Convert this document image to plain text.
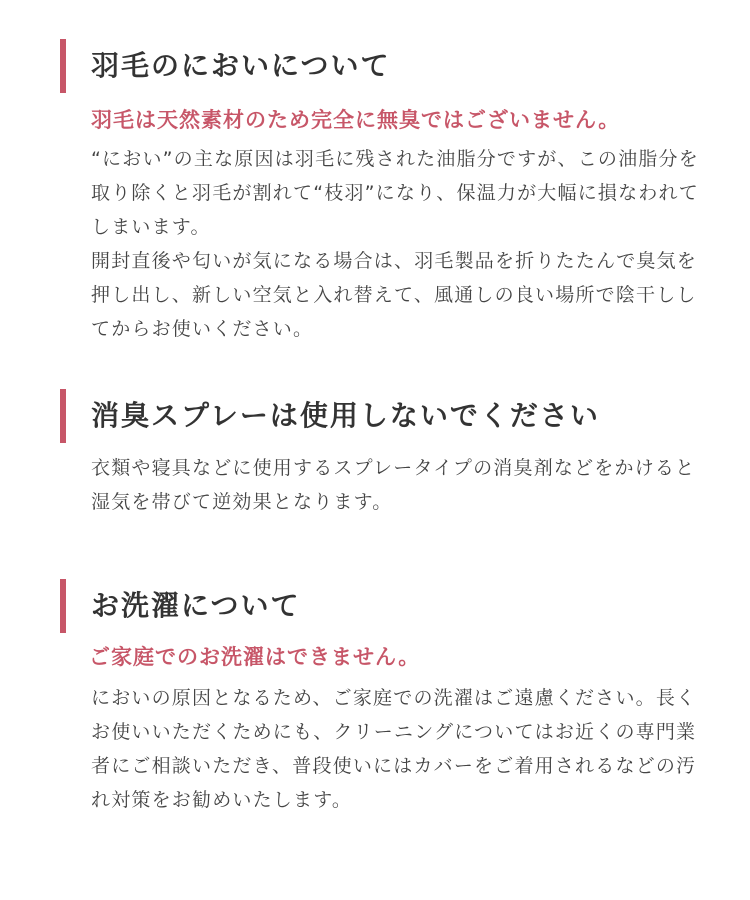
羽毛のにおいについて
羽毛は天然素材のため完全に無臭ではございません。

“におい”の主な原因は羽毛に残された油脂分ですが、この油脂分を取り除くと羽毛が割れて“枝羽”になり、保温力が大幅に損なわれてしまいます。

開封直後や匂いが気になる場合は、羽毛製品を折りたたんで臭気を押し出し、新しい空気と入れ替えて、風通しの良い場所で陰干ししてからお使いください。

消臭スプレーは使用しないでください

衣類や寝具などに使用するスプレータイプの消臭剤などをかけると湿気を帯びて逆効果となります。

お洗濯について
ご家庭でのお洗濯はできません。

においの原因となるため、ご家庭での洗濯はご遠慮ください。長くお使いいただくためにも、クリーニングについてはお近くの専門業者にご相談いただき、普段使いにはカバーをご着用されるなどの汚れ対策をお勧めいたします。
